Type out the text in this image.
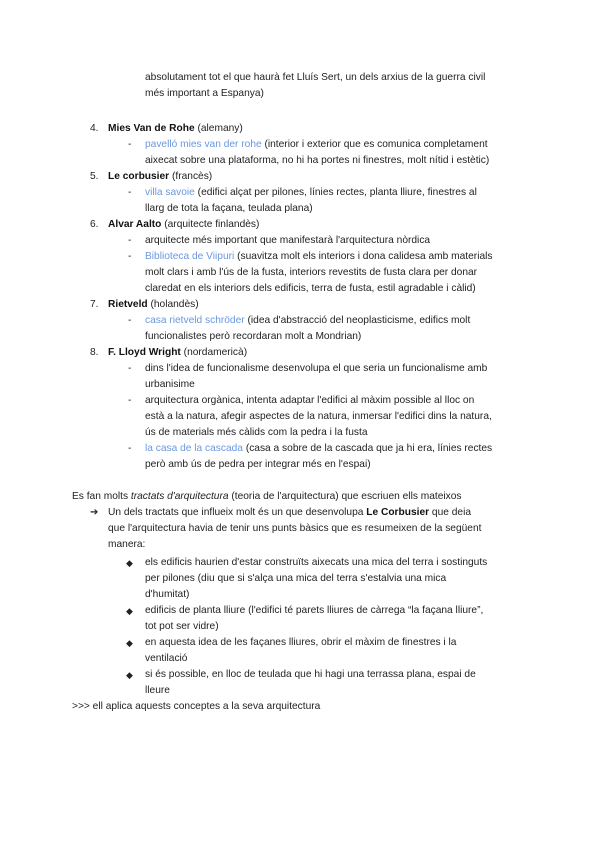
absolutament tot el que haurà fet Lluís Sert, un dels arxius de la guerra civil
més important a Espanya)
4. Mies Van de Rohe (alemany)
- pavelló mies van der rohe (interior i exterior que es comunica completament
aixecat sobre una plataforma, no hi ha portes ni finestres, molt nítid i estètic)
5. Le corbusier (francès)
- villa savoie (edifici alçat per pilones, línies rectes, planta lliure, finestres al
llarg de tota la façana, teulada plana)
6. Alvar Aalto (arquitecte finlandès)
- arquitecte més important que manifestarà l'arquitectura nòrdica
- Biblioteca de Viipuri (suavitza molt els interiors i dona calidesa amb materials
molt clars i amb l'ús de la fusta, interiors revestits de fusta clara per donar
claredat en els interiors dels edificis, terra de fusta, estil agradable i càlid)
7. Rietveld (holandès)
- casa rietveld schröder (idea d'abstracció del neoplasticisme, edifics molt
funcionalistes però recordaran molt a Mondrian)
8. F. Lloyd Wright (nordamericà)
- dins l'idea de funcionalisme desenvolupa el que seria un funcionalisme amb
urbanisime
- arquitectura orgànica, intenta adaptar l'edifici al màxim possible al lloc on
està a la natura, afegir aspectes de la natura, inmersar l'edifici dins la natura,
ús de materials més càlids com la pedra i la fusta
- la casa de la cascada (casa a sobre de la cascada que ja hi era, línies rectes
però amb ús de pedra per integrar més en l'espai)
Es fan molts tractats d'arquitectura (teoria de l'arquitectura) que escriuen ells mateixos
➔ Un dels tractats que influeix molt és un que desenvolupa Le Corbusier que deia
que l'arquitectura havia de tenir uns punts bàsics que es resumeixen de la següent
manera:
◆ els edificis haurien d'estar construïts aixecats una mica del terra i sostinguts
per pilones (diu que si s'alça una mica del terra s'estalvia una mica
d'humitat)
◆ edificis de planta lliure (l'edifici té parets lliures de càrrega “la façana lliure”,
tot pot ser vidre)
◆ en aquesta idea de les façanes lliures, obrir el màxim de finestres i la
ventilació
◆ si és possible, en lloc de teulada que hi hagi una terrassa plana, espai de
lleure
>>> ell aplica aquests conceptes a la seva arquitectura
